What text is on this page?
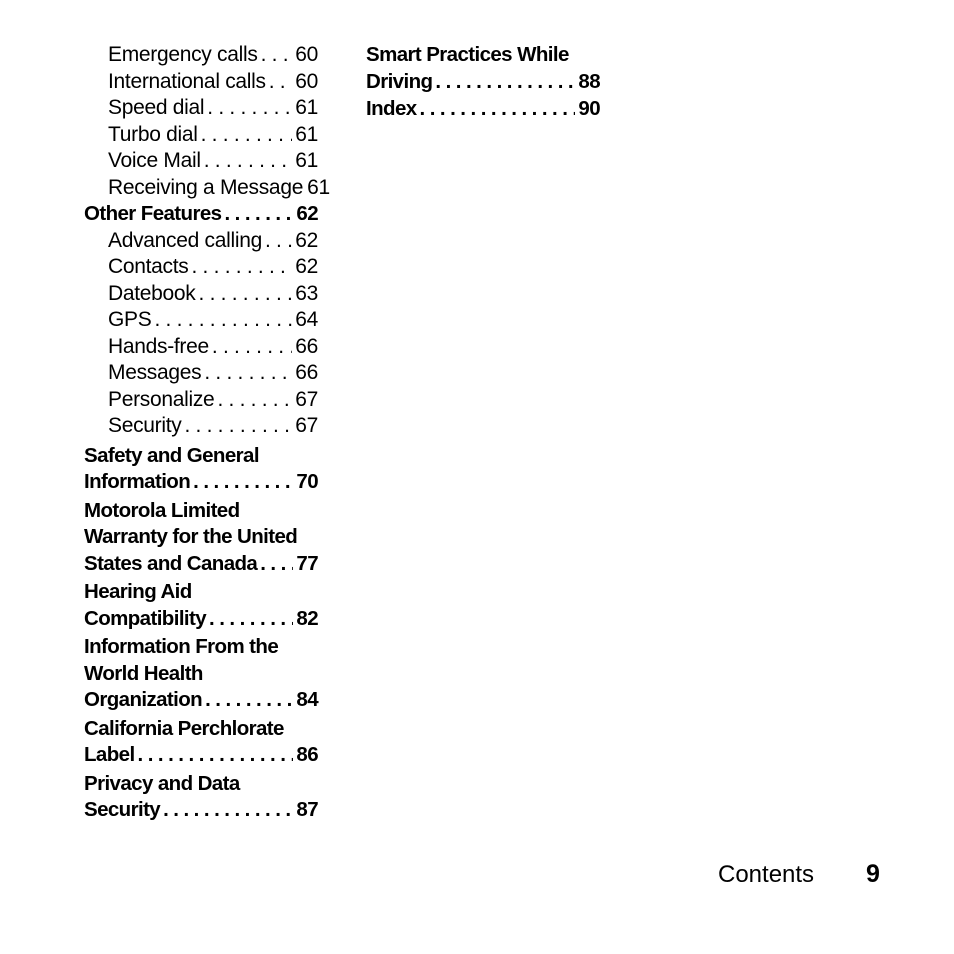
Emergency calls . . . 60
International calls . . . 60
Speed dial . . .	61
Turbo dial . . .	61
Voice Mail . . .	61
Receiving a Message 61
Other Features . . .	62
Advanced calling . . . 62
Contacts . . .	62
Datebook . . .	63
GPS . . .	64
Hands-free . . .	66
Messages . . .	66
Personalize . . .	67
Security . . .	67
Safety and General
Information . . .	70
Motorola Limited
Warranty for the United
States and Canada . . . 77
Hearing Aid
Compatibility . . .	82
Information From the
World Health
Organization . . .	84
California Perchlorate
Label . . .	86
Privacy and Data
Security . . .	87
Smart Practices While
Driving . . .	88
Index . . .	90
Contents 9
